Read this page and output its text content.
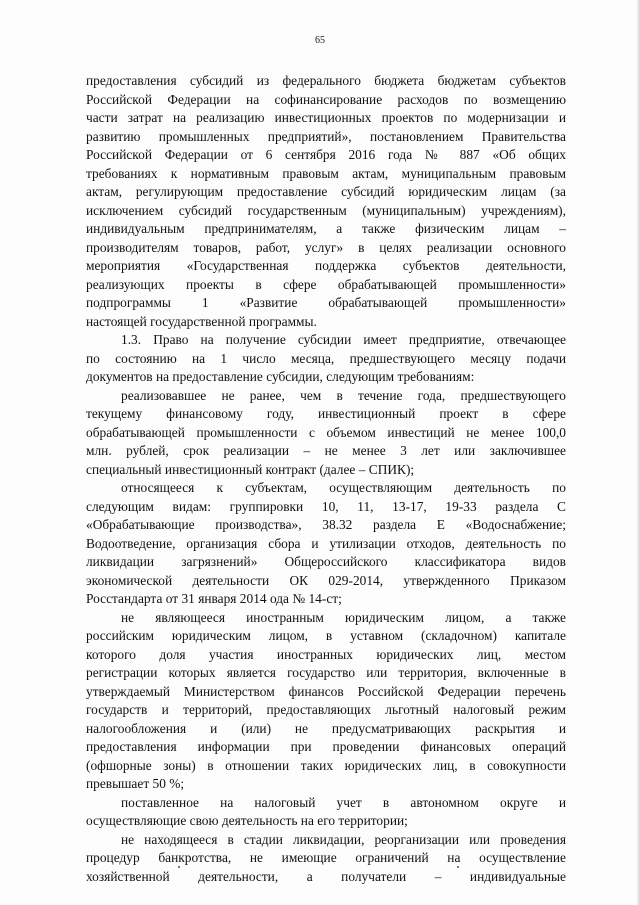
65
предоставления субсидий из федерального бюджета бюджетам субъектов
Российской Федерации на софинансирование расходов по возмещению
части затрат на реализацию инвестиционных проектов по модернизации и
развитию промышленных предприятий», постановлением Правительства
Российской Федерации от 6 сентября 2016 года № 887 «Об общих
требованиях к нормативным правовым актам, муниципальным правовым
актам, регулирующим предоставление субсидий юридическим лицам (за
исключением субсидий государственным (муниципальным) учреждениям),
индивидуальным предпринимателям, а также физическим лицам –
производителям товаров, работ, услуг» в целях реализации основного
мероприятия «Государственная поддержка субъектов деятельности,
реализующих проекты в сфере обрабатывающей промышленности»
подпрограммы 1 «Развитие обрабатывающей промышленности»
настоящей государственной программы.
1.3. Право на получение субсидии имеет предприятие, отвечающее
по состоянию на 1 число месяца, предшествующего месяцу подачи
документов на предоставление субсидии, следующим требованиям:
реализовавшее не ранее, чем в течение года, предшествующего
текущему финансовому году, инвестиционный проект в сфере
обрабатывающей промышленности с объемом инвестиций не менее 100,0
млн. рублей, срок реализации – не менее 3 лет или заключившее
специальный инвестиционный контракт (далее – СПИК);
относящееся к субъектам, осуществляющим деятельность по
следующим видам: группировки 10, 11, 13-17, 19-33 раздела С
«Обрабатывающие производства», 38.32 раздела Е «Водоснабжение;
Водоотведение, организация сбора и утилизации отходов, деятельность по
ликвидации загрязнений» Общероссийского классификатора видов
экономической деятельности ОК 029-2014, утвержденного Приказом
Росстандарта от 31 января 2014 ода № 14-ст;
не являющееся иностранным юридическим лицом, а также
российским юридическим лицом, в уставном (складочном) капитале
которого доля участия иностранных юридических лиц, местом
регистрации которых является государство или территория, включенные в
утверждаемый Министерством финансов Российской Федерации перечень
государств и территорий, предоставляющих льготный налоговый режим
налогообложения и (или) не предусматривающих раскрытия и
предоставления информации при проведении финансовых операций
(офшорные зоны) в отношении таких юридических лиц, в совокупности
превышает 50 %;
поставленное на налоговый учет в автономном округе и
осуществляющие свою деятельность на его территории;
не находящееся в стадии ликвидации, реорганизации или проведения
процедур банкротства, не имеющие ограничений на осуществление
хозяйственной деятельности, а получатели – индивидуальные
